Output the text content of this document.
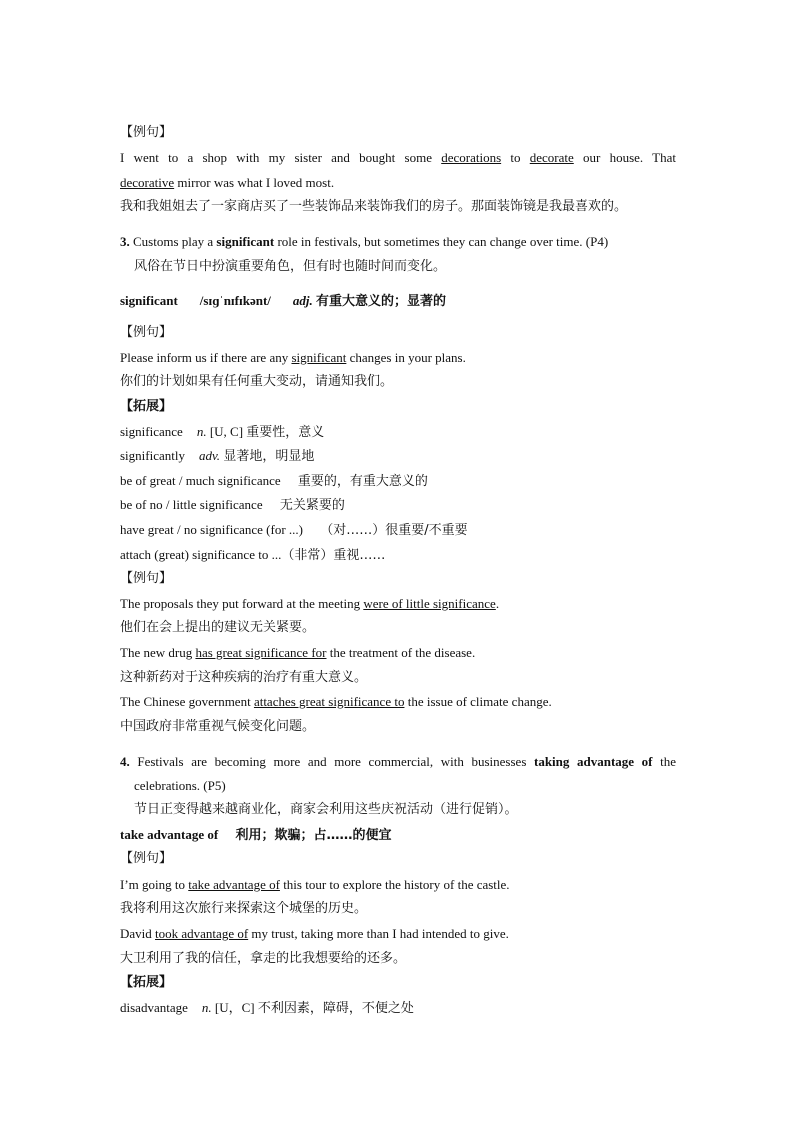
【例句】
I went to a shop with my sister and bought some decorations to decorate our house. That
decorative mirror was what I loved most.
我和我姐姐去了一家商店买了一些装饰品来装饰我们的房子。那面装饰镜是我最喜欢的。
3. Customs play a significant role in festivals, but sometimes they can change over time. (P4)
风俗在节日中扮演重要角色，但有时也随时间而变化。
significant /sɪɡˈnɪfɪkənt/ adj. 有重大意义的；显著的
【例句】
Please inform us if there are any significant changes in your plans.
你们的计划如果有任何重大变动，请通知我们。
【拓展】
significance n. [U, C] 重要性，意义
significantly adv. 显著地，明显地
be of great / much significance 重要的，有重大意义的
be of no / little significance 无关紧要的
have great / no significance (for ...) （对……）很重要/不重要
attach (great) significance to ...（非常）重视……
【例句】
The proposals they put forward at the meeting were of little significance.
他们在会上提出的建议无关紧要。
The new drug has great significance for the treatment of the disease.
这种新药对于这种疾病的治疗有重大意义。
The Chinese government attaches great significance to the issue of climate change.
中国政府非常重视气候变化问题。
4. Festivals are becoming more and more commercial, with businesses taking advantage of the
celebrations. (P5)
节日正变得越来越商业化，商家会利用这些庆祝活动（进行促销）。
take advantage of 利用；欺骗；占……的便宜
【例句】
I’m going to take advantage of this tour to explore the history of the castle.
我将利用这次旅行来探索这个城堡的历史。
David took advantage of my trust, taking more than I had intended to give.
大卫利用了我的信任，拿走的比我想要给的还多。
【拓展】
disadvantage n. [U，C] 不利因素，障碍，不便之处
